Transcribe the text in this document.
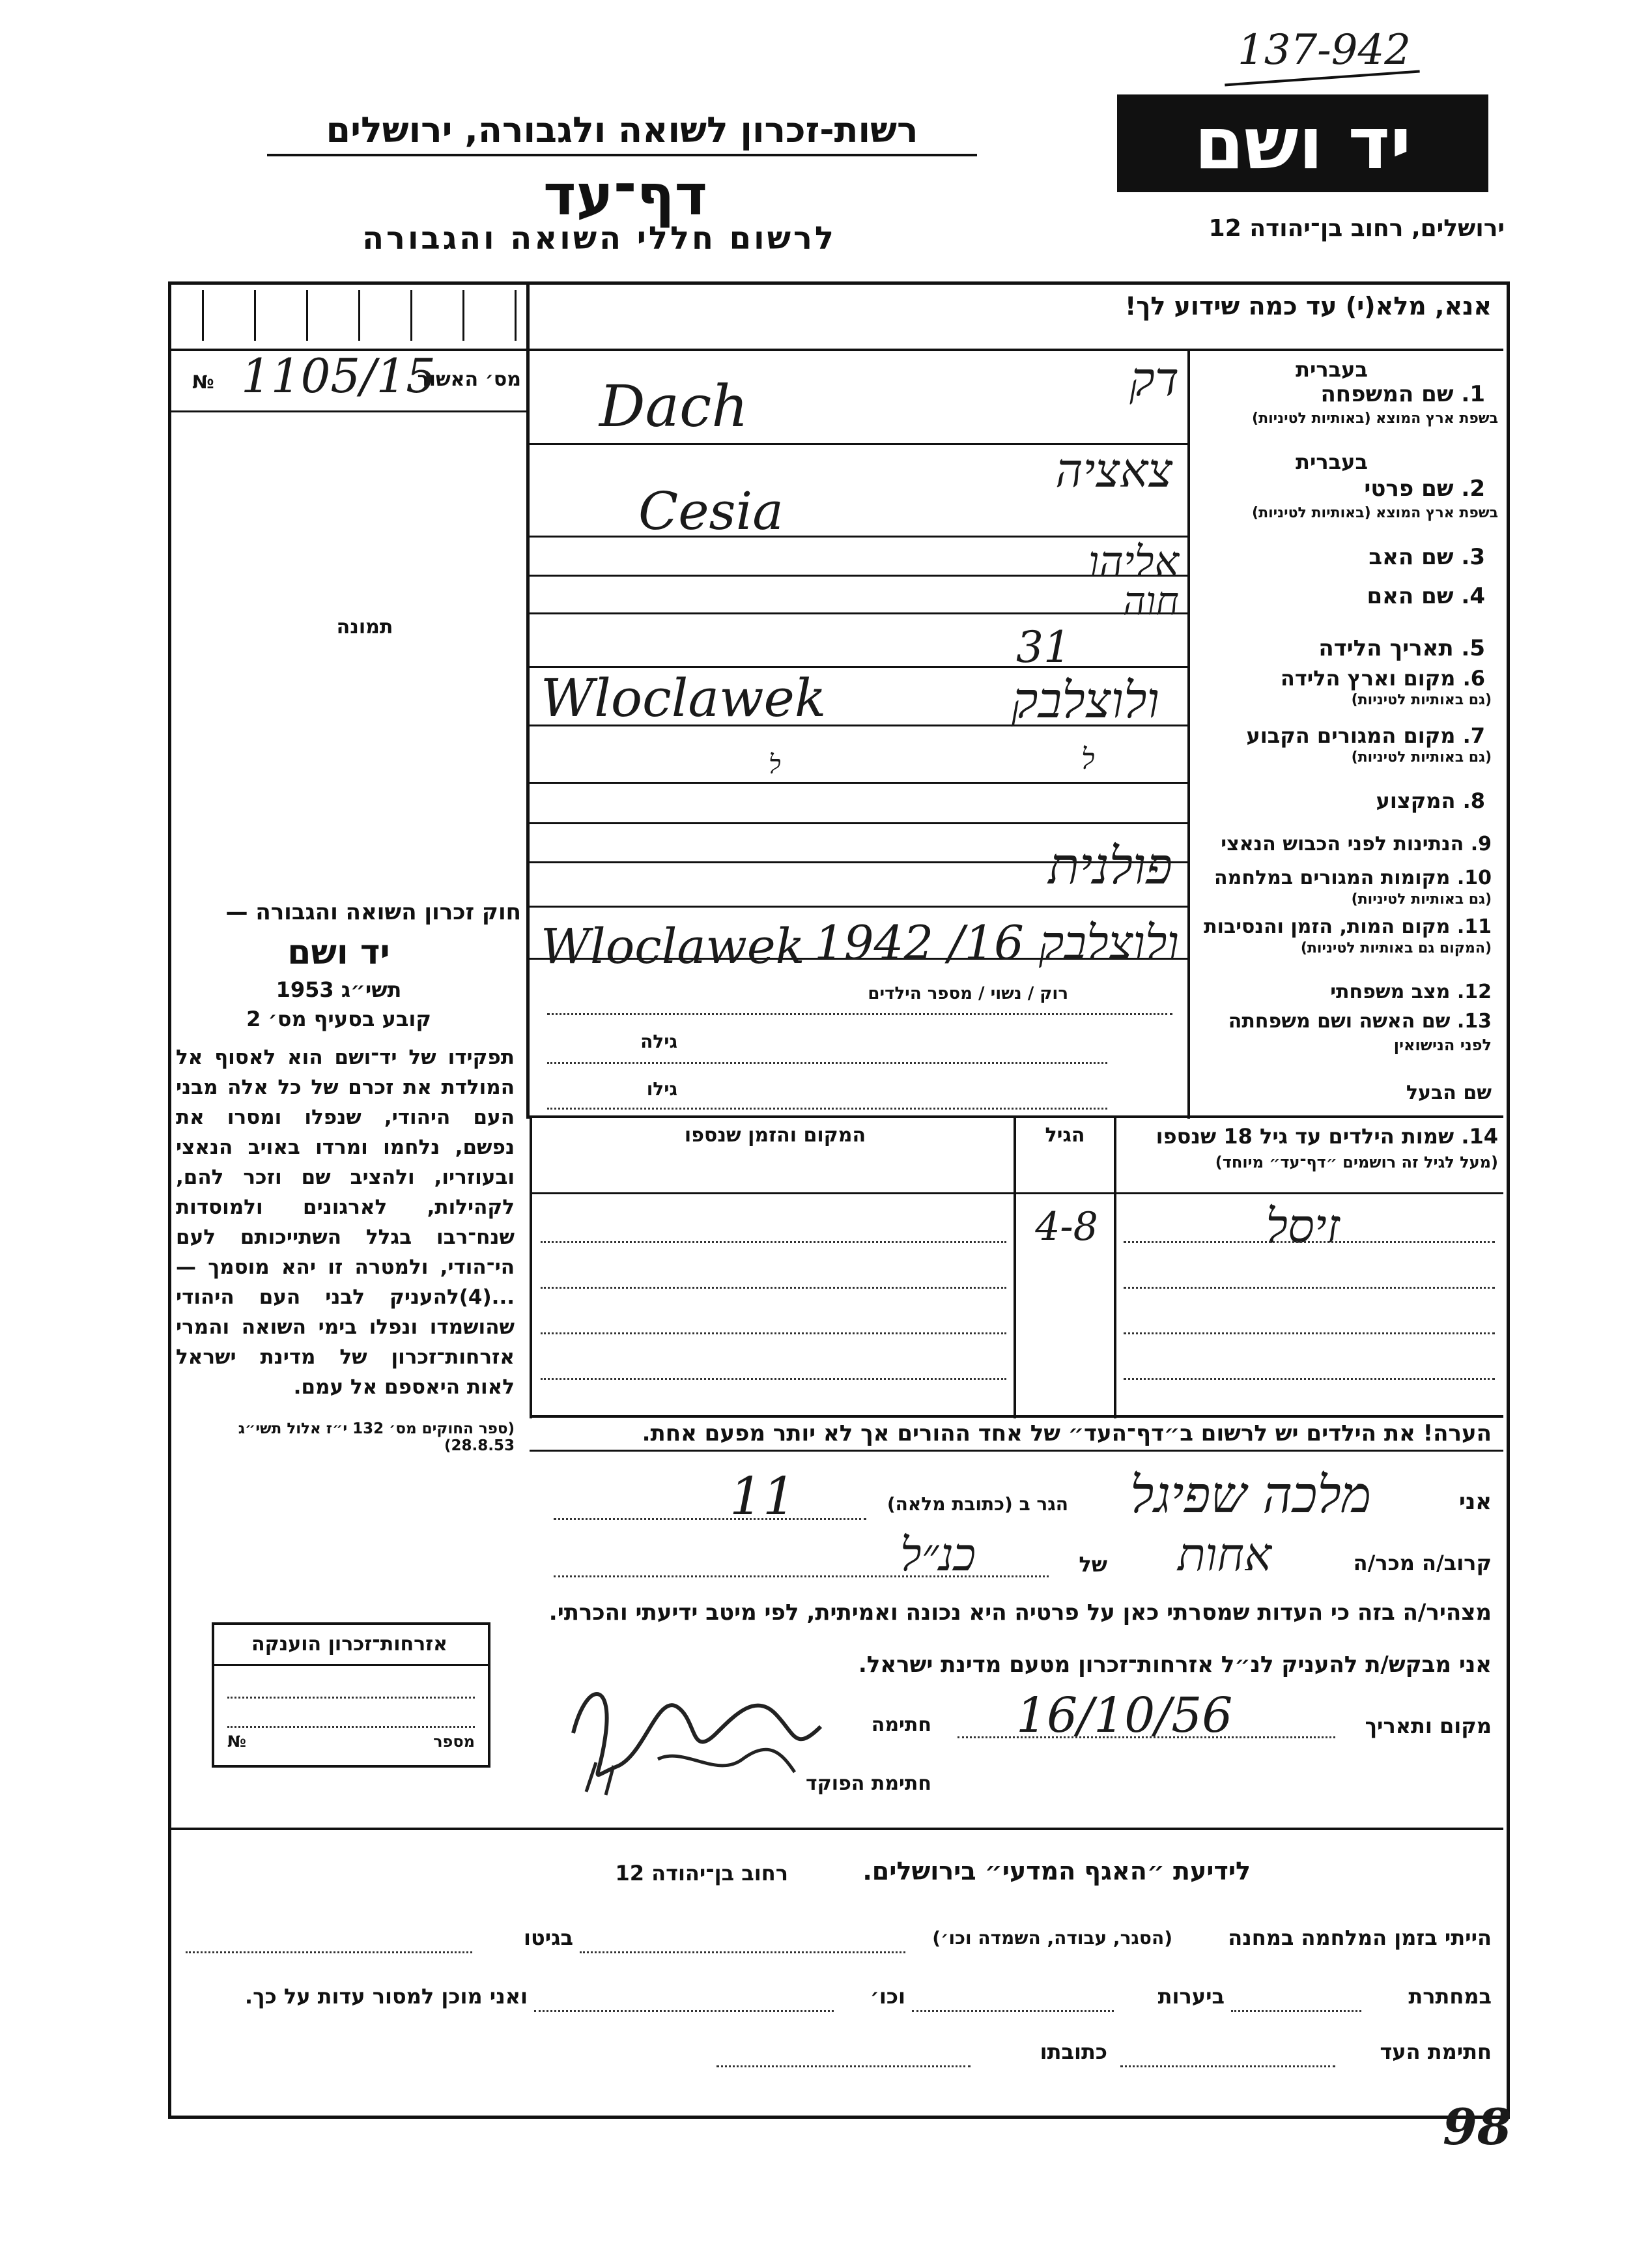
137-942
רשות-זכרון לשואה ולגבורה, ירושלים
דף־עד
לרשום חללי השואה והגבורה
יד ושם
ירושלים, רחוב בן־יהודה 12
אנא, מלא(י) עד כמה שידוע לך!
מס׳ האשור
1105/15
№
תמונה
חוק זכרון השואה והגבורה —
יד ושם
תשי״ג 1953
קובע בסעיף מס׳ 2
תפקידו של יד־ושם הוא לאסוף אל המולדת את זכרם של כל אלה מבני העם היהודי, שנפלו ומסרו את נפשם, נלחמו ומרדו באויב הנאצי ובעוזריו, ולהציב שם וזכר להם, לקהילות, לארגונים ולמוסדות שנח־רבו בגלל השתייכותם לעם הי־הודי, ולמטרה זו יהא מוסמך — ...(4)להעניק לבני העם היהודי שהושמדו ונפלו בימי השואה והמרי אזרחות־זכרון של מדינת ישראל לאות היאספם אל עמם.
(ספר החוקים מס׳ 132 י״ז אלול תשי״ג 28.8.53)
בעברית
1. שם המשפחה
בשפת ארץ המוצא (באותיות לטיניות)
בעברית
2. שם פרטי
בשפת ארץ המוצא (באותיות לטיניות)
3. שם האב
4. שם האם
5. תאריך הלידה
6. מקום וארץ הלידה
(גם באותיות לטיניות)
7. מקום המגורים הקבוע
(גם באותיות לטיניות)
8. המקצוע
9. הנתינות לפני הכבוש הנאצי
10. מקומות המגורים במלחמה
(גם באותיות לטיניות)
11. מקום המות, הזמן והנסיבות
(המקום גם באותיות לטיניות)
12. מצב משפחתי
13. שם האשה ושם משפחתה
לפני הנישואין
שם הבעל
דק
Dach
צאציה
Cesia
אליהו
חוה
31
ולוצלבק
Wloclawek
ל
ל
פולנית
ולוצלבק 16/ 1942
Wloclawek
רוק / נשוי / מספר הילדים
גילה
גילו
14. שמות הילדים עד גיל 18 שנספו
(מעל לגיל זה רושמים ״דף־עד״ מיוחד)
הגיל
המקום והזמן שנספו
זיסל
4-8
הערה! את הילדים יש לרשום ב״דף־העד״ של אחד ההורים אך לא יותר מפעם אחת.
אני
מלכה שפיגל
הגר ב (כתובת מלאה)
11
קרוב/ה מכר/ה
אחות
של
כנ״ל
מצהיר/ה בזה כי העדות שמסרתי כאן על פרטיה היא נכונה ואמיתית, לפי מיטב ידיעתי והכרתי.
אני מבקש/ת להעניק לנ״ל אזרחות־זכרון מטעם מדינת ישראל.
מקום ותאריך
16/10/56
חתימה
חתימת הפוקד
אזרחות־זכרון הוענקה
№	מספר
לידיעת ״האגף המדעי״ בירושלים.
רחוב בן־יהודה 12
הייתי בזמן המלחמה במחנה
(הסגר, עבודה, השמדה וכו׳)
בגיטו
במחתרת
ביערות
וכו׳
ואני מוכן למסור עדות על כך.
חתימת העד
כתובתו
98
